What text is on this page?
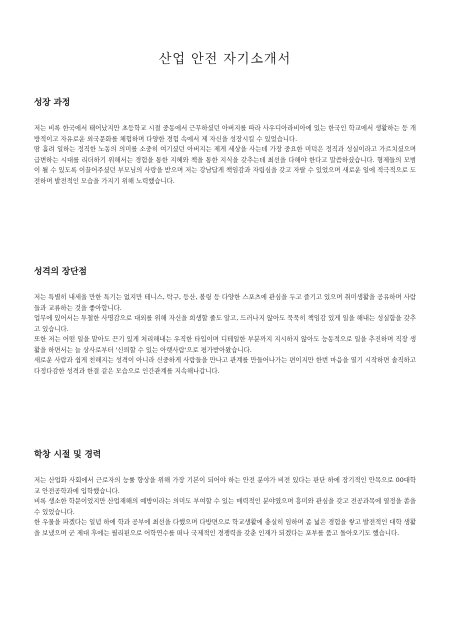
산업 안전 자기소개서
성장 과정

저는 비록 한국에서 태어났지만 초등학교 시절 중동에서 근무하셨던 아버지를 따라 사우디아라비아에 있는 한국인 학교에서 생활하는 등 개방적이고 자유로운 외국문화를 체험하며 다양한 경험 속에서 제 자신을 성장시킬 수 있었습니다.

땀 흘려 일하는 정직한 노동의 의미를 소중히 여기셨던 아버지는 제게 세상을 사는데 가장 중요한 미덕은 정직과 성실이라고 가르치셨으며 급변하는 시대를 리더하기 위해서는 경험을 통한 지혜와 책을 통한 지식을 갖추는데 최선을 다해야 한다고 말씀하셨습니다. 형제들의 모범이 될 수 있도록 이끌어주셨던 부모님의 사랑을 받으며 저는 강남답게 책임감과 자립심을 갖고 자랄 수 있었으며 새로운 일에 적극적으로 도전하며 발전적인 모습을 가지기 위해 노력했습니다.

성격의 장단점

저는 특별히 내세울 만한 특기는 없지만 테니스, 탁구, 등산, 볼링 등 다양한 스포츠에 관심을 두고 즐기고 있으며 취미생활을 공유하며 사람들과 교류하는 것을 좋아합니다.

업무에 있어서는 투철한 사명감으로 대외를 위해 자신을 희생할 줄도 알고, 드러나지 않아도 묵묵히 책임감 있게 일을 해내는 성실함을 갖추고 있습니다.

또한 저는 어떤 일을 맡아도 끈기 있게 처리해내는 우직한 타입이며 디테일한 부분까지 지시하지 않아도 능동적으로 일을 추진하며 직장 생활을 하면서는 늘 상사로부터 '신뢰할 수 있는 아랫사람'으로 평가받아왔습니다.

새로운 사람과 쉽게 친해지는 성격이 아니라 신중하게 사람들을 만나고 관계를 만들어나가는 편이지만 한번 마음을 열기 시작하면 솔직하고 다정다감한 성격과 한결 같은 모습으로 인간관계를 지속해나갑니다.

학창 시절 및 경력

저는 산업화 사회에서 근로자의 능률 향상을 위해 가장 기본이 되어야 하는 안전 분야가 비전 있다는 판단 하에 장기적인 안목으로 00대학교 안전공학과에 입학했습니다.

비록 생소한 학문이었지만 산업재해의 예방이라는 의미도 부여할 수 있는 매력적인 분야였으며 흥미와 관심을 갖고 전공과목에 열정을 쏟을 수 있었습니다.

한 우물을 파겠다는 일념 하에 학과 공부에 최선을 다했으며 다방면으로 학교생활에 충실히 임하며 좀 넓은 경험을 쌓고 발전적인 대학 생활을 보냈으며 군 제대 후에는 필리핀으로 어학연수를 떠나 국제적인 경쟁력을 갖춘 인재가 되겠다는 포부를 품고 돌아오기도 했습니다.
